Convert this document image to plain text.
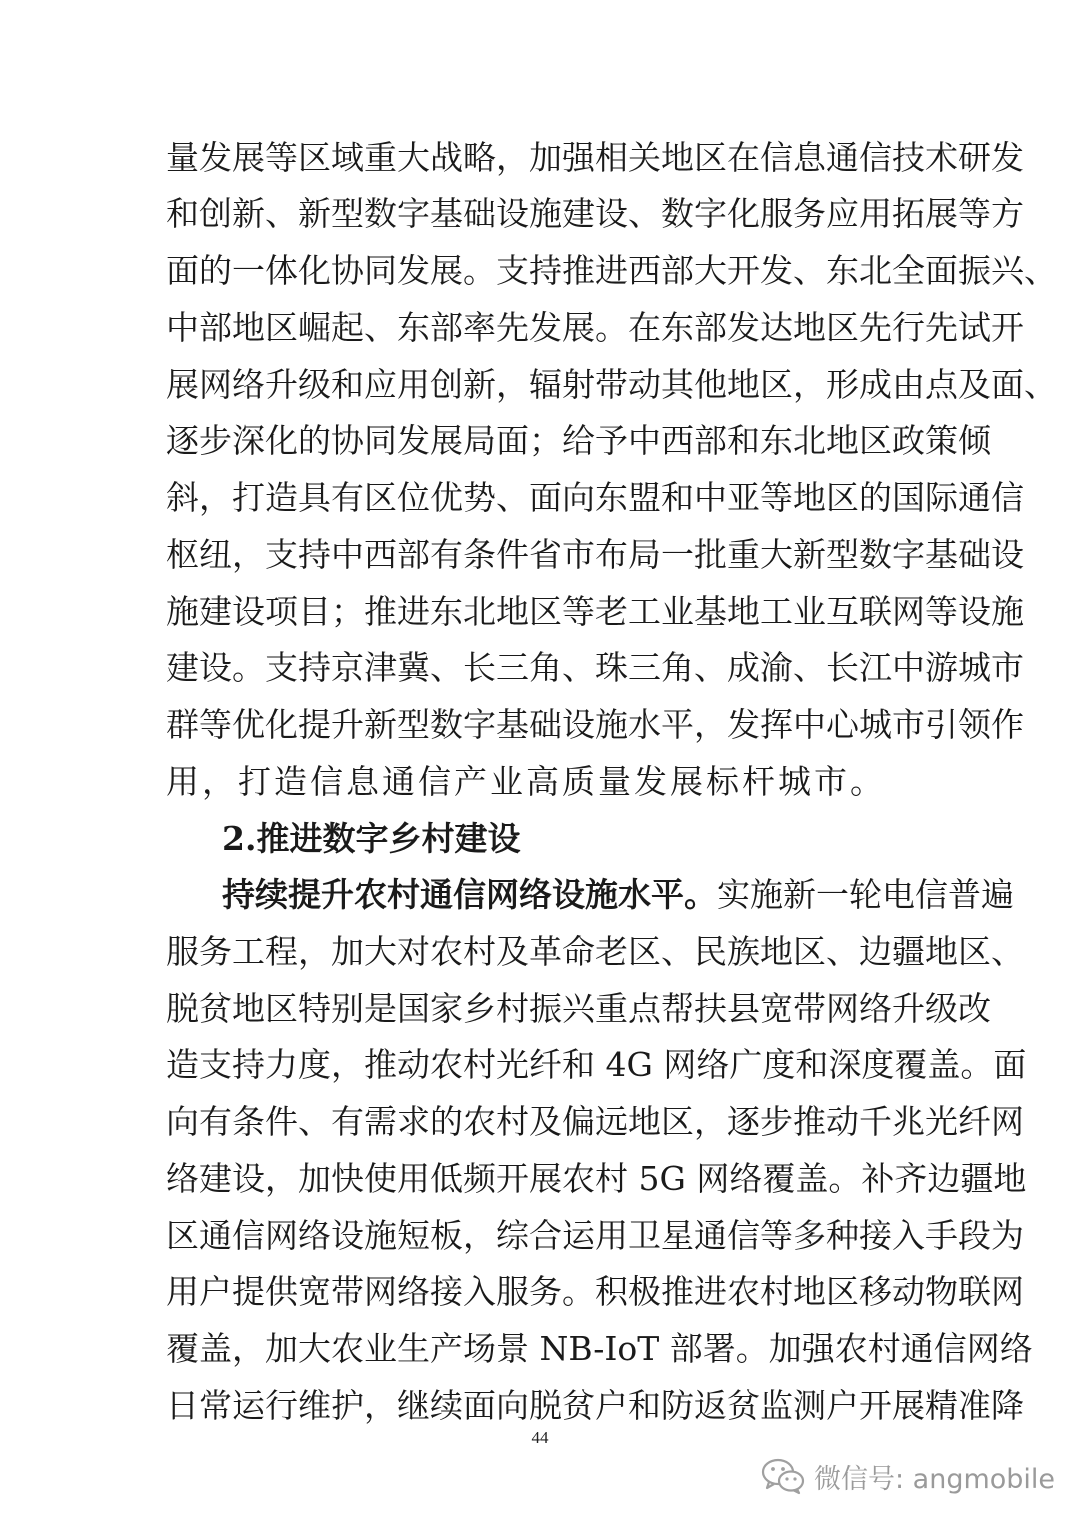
量发展等区域重大战略，加强相关地区在信息通信技术研发
和创新、新型数字基础设施建设、数字化服务应用拓展等方
面的一体化协同发展。支持推进西部大开发、东北全面振兴、
中部地区崛起、东部率先发展。在东部发达地区先行先试开
展网络升级和应用创新，辐射带动其他地区，形成由点及面、
逐步深化的协同发展局面；给予中西部和东北地区政策倾
斜，打造具有区位优势、面向东盟和中亚等地区的国际通信
枢纽，支持中西部有条件省市布局一批重大新型数字基础设
施建设项目；推进东北地区等老工业基地工业互联网等设施
建设。支持京津冀、长三角、珠三角、成渝、长江中游城市
群等优化提升新型数字基础设施水平，发挥中心城市引领作
用，打造信息通信产业高质量发展标杆城市。
2.推进数字乡村建设
持续提升农村通信网络设施水平。实施新一轮电信普遍
服务工程，加大对农村及革命老区、民族地区、边疆地区、
脱贫地区特别是国家乡村振兴重点帮扶县宽带网络升级改
造支持力度，推动农村光纤和 4G 网络广度和深度覆盖。面
向有条件、有需求的农村及偏远地区，逐步推动千兆光纤网
络建设，加快使用低频开展农村 5G 网络覆盖。补齐边疆地
区通信网络设施短板，综合运用卫星通信等多种接入手段为
用户提供宽带网络接入服务。积极推进农村地区移动物联网
覆盖，加大农业生产场景 NB-IoT 部署。加强农村通信网络
日常运行维护，继续面向脱贫户和防返贫监测户开展精准降
44
微信号: angmobile
